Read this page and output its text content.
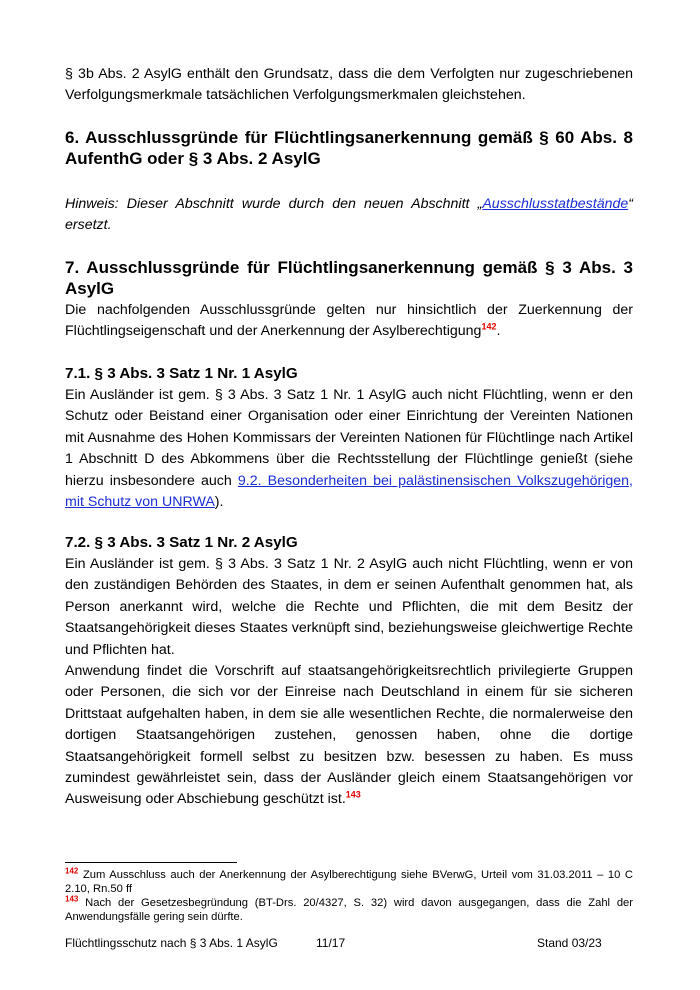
§ 3b Abs. 2 AsylG enthält den Grundsatz, dass die dem Verfolgten nur zugeschriebenen Verfolgungsmerkmale tatsächlichen Verfolgungsmerkmalen gleichstehen.

6. Ausschlussgründe für Flüchtlingsanerkennung gemäß § 60 Abs. 8 AufenthG oder § 3 Abs. 2 AsylG

Hinweis: Dieser Abschnitt wurde durch den neuen Abschnitt „Ausschlusstatbestände“ ersetzt.

7. Ausschlussgründe für Flüchtlingsanerkennung gemäß § 3 Abs. 3 AsylG

Die nachfolgenden Ausschlussgründe gelten nur hinsichtlich der Zuerkennung der Flüchtlingseigenschaft und der Anerkennung der Asylberechtigung$^{142}$.

7.1. § 3 Abs. 3 Satz 1 Nr. 1 AsylG

Ein Ausländer ist gem. § 3 Abs. 3 Satz 1 Nr. 1 AsylG auch nicht Flüchtling, wenn er den Schutz oder Beistand einer Organisation oder einer Einrichtung der Vereinten Nationen mit Ausnahme des Hohen Kommissars der Vereinten Nationen für Flüchtlinge nach Artikel 1 Abschnitt D des Abkommens über die Rechtsstellung der Flüchtlinge genießt (siehe hierzu insbesondere auch 9.2. Besonderheiten bei palästinensischen Volkszugehörigen, mit Schutz von UNRWA).

7.2. § 3 Abs. 3 Satz 1 Nr. 2 AsylG

Ein Ausländer ist gem. § 3 Abs. 3 Satz 1 Nr. 2 AsylG auch nicht Flüchtling, wenn er von den zuständigen Behörden des Staates, in dem er seinen Aufenthalt genommen hat, als Person anerkannt wird, welche die Rechte und Pflichten, die mit dem Besitz der Staatsangehörigkeit dieses Staates verknüpft sind, beziehungsweise gleichwertige Rechte und Pflichten hat.

Anwendung findet die Vorschrift auf staatsangehörigkeitsrechtlich privilegierte Gruppen oder Personen, die sich vor der Einreise nach Deutschland in einem für sie sicheren Drittstaat aufgehalten haben, in dem sie alle wesentlichen Rechte, die normalerweise den dortigen Staatsangehörigen zustehen, genossen haben, ohne die dortige Staatsangehörigkeit formell selbst zu besitzen bzw. besessen zu haben. Es muss zumindest gewährleistet sein, dass der Ausländer gleich einem Staatsangehörigen vor Ausweisung oder Abschiebung geschützt ist.$^{143}$

$^{142}$ Zum Ausschluss auch der Anerkennung der Asylberechtigung siehe BVerwG, Urteil vom 31.03.2011 – 10 C 2.10, Rn.50 ff

$^{143}$ Nach der Gesetzesbegründung (BT-Drs. 20/4327, S. 32) wird davon ausgegangen, dass die Zahl der Anwendungsfälle gering sein dürfte.

Flüchtlingsschutz nach § 3 Abs. 1 AsylG	11/17	Stand 03/23
